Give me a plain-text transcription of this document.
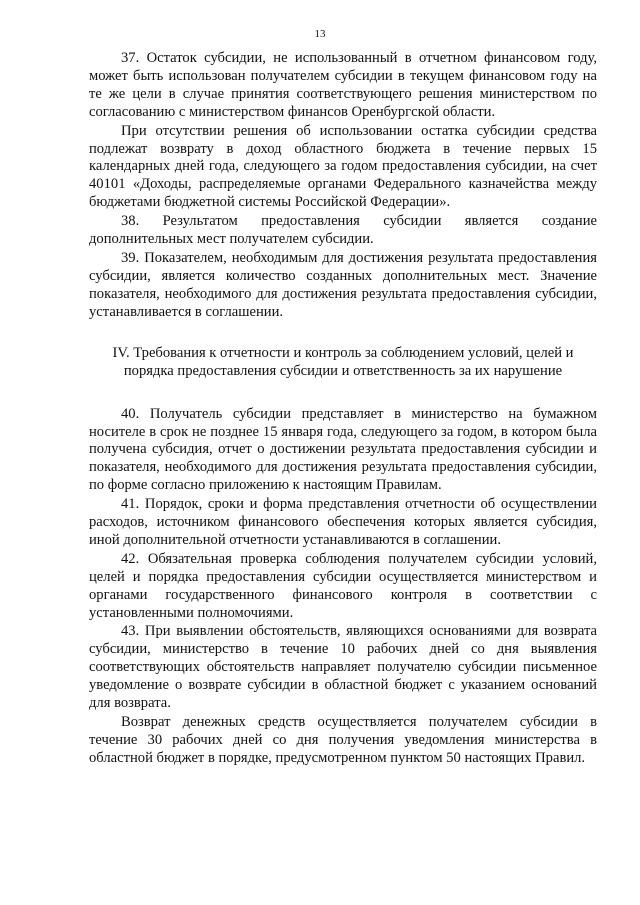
13

37. Остаток субсидии, не использованный в отчетном финансовом году, может быть использован получателем субсидии в текущем финансовом году на те же цели в случае принятия соответствующего решения министерством по согласованию с министерством финансов Оренбургской области.

При отсутствии решения об использовании остатка субсидии средства подлежат возврату в доход областного бюджета в течение первых 15 календарных дней года, следующего за годом предоставления субсидии, на счет 40101 «Доходы, распределяемые органами Федерального казначейства между бюджетами бюджетной системы Российской Федерации».

38. Результатом предоставления субсидии является создание дополнительных мест получателем субсидии.

39. Показателем, необходимым для достижения результата предоставления субсидии, является количество созданных дополнительных мест. Значение показателя, необходимого для достижения результата предоставления субсидии, устанавливается в соглашении.

IV. Требования к отчетности и контроль за соблюдением условий, целей и порядка предоставления субсидии и ответственность за их нарушение

40. Получатель субсидии представляет в министерство на бумажном носителе в срок не позднее 15 января года, следующего за годом, в котором была получена субсидия, отчет о достижении результата предоставления субсидии и показателя, необходимого для достижения результата предоставления субсидии, по форме согласно приложению к настоящим Правилам.

41. Порядок, сроки и форма представления отчетности об осуществлении расходов, источником финансового обеспечения которых является субсидия, иной дополнительной отчетности устанавливаются в соглашении.

42. Обязательная проверка соблюдения получателем субсидии условий, целей и порядка предоставления субсидии осуществляется министерством и органами государственного финансового контроля в соответствии с установленными полномочиями.

43. При выявлении обстоятельств, являющихся основаниями для возврата субсидии, министерство в течение 10 рабочих дней со дня выявления соответствующих обстоятельств направляет получателю субсидии письменное уведомление о возврате субсидии в областной бюджет с указанием оснований для возврата.

Возврат денежных средств осуществляется получателем субсидии в течение 30 рабочих дней со дня получения уведомления министерства в областной бюджет в порядке, предусмотренном пунктом 50 настоящих Правил.
